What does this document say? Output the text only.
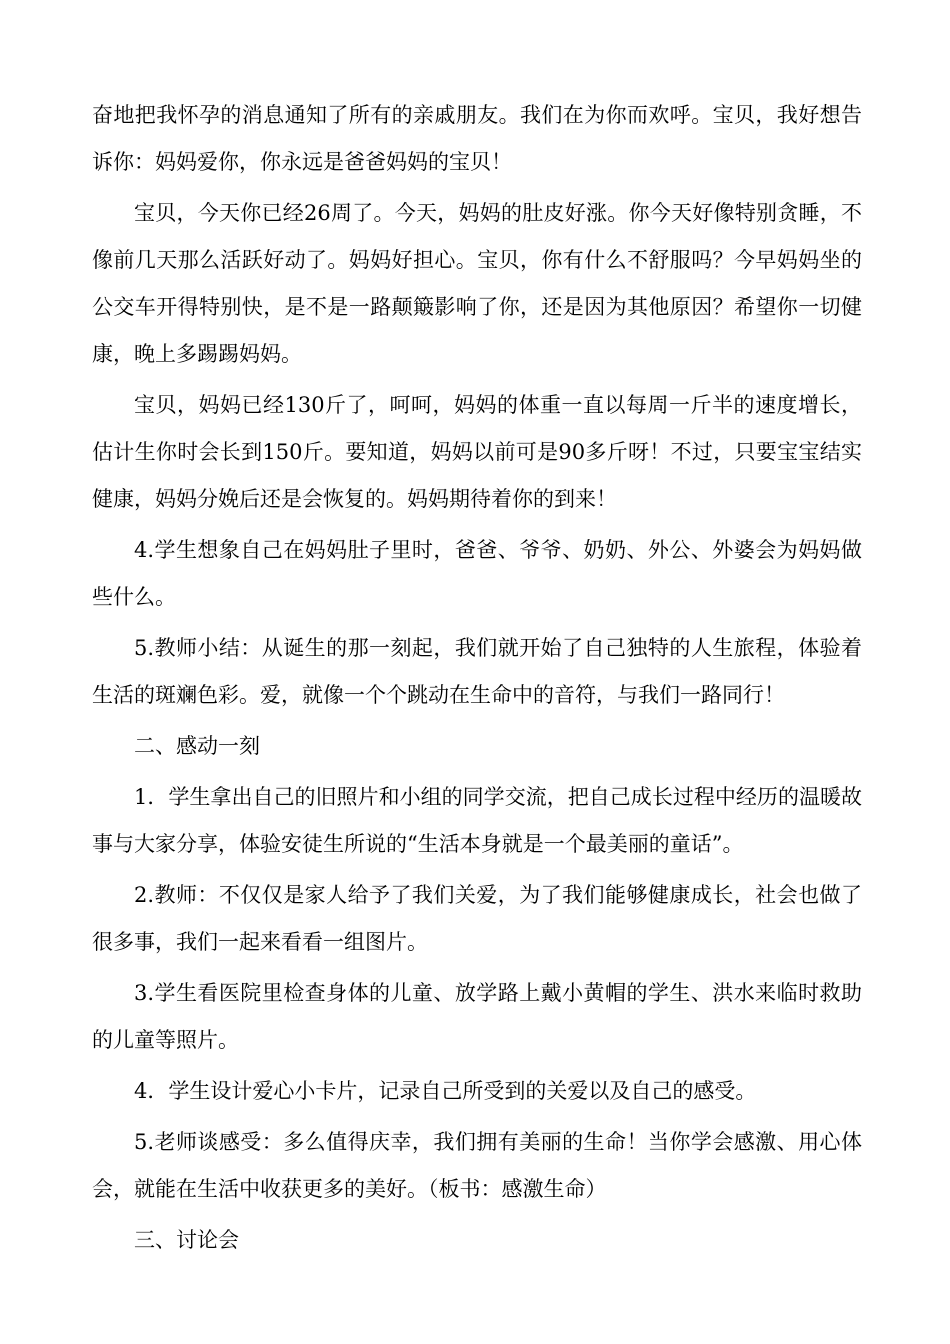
奋地把我怀孕的消息通知了所有的亲戚朋友。我们在为你而欢呼。宝贝，我好想告诉你：妈妈爱你，你永远是爸爸妈妈的宝贝！

宝贝，今天你已经26周了。今天，妈妈的肚皮好涨。你今天好像特别贪睡，不像前几天那么活跃好动了。妈妈好担心。宝贝，你有什么不舒服吗？今早妈妈坐的公交车开得特别快，是不是一路颠簸影响了你，还是因为其他原因？希望你一切健康，晚上多踢踢妈妈。

宝贝，妈妈已经130斤了，呵呵，妈妈的体重一直以每周一斤半的速度增长，估计生你时会长到150斤。要知道，妈妈以前可是90多斤呀！不过，只要宝宝结实健康，妈妈分娩后还是会恢复的。妈妈期待着你的到来！

4.学生想象自己在妈妈肚子里时，爸爸、爷爷、奶奶、外公、外婆会为妈妈做些什么。

5.教师小结：从诞生的那一刻起，我们就开始了自己独特的人生旅程，体验着生活的斑斓色彩。爱，就像一个个跳动在生命中的音符，与我们一路同行！

二、感动一刻

1．学生拿出自己的旧照片和小组的同学交流，把自己成长过程中经历的温暖故事与大家分享，体验安徒生所说的“生活本身就是一个最美丽的童话”。

2.教师：不仅仅是家人给予了我们关爱，为了我们能够健康成长，社会也做了很多事，我们一起来看看一组图片。

3.学生看医院里检查身体的儿童、放学路上戴小黄帽的学生、洪水来临时救助的儿童等照片。

4．学生设计爱心小卡片，记录自己所受到的关爱以及自己的感受。

5.老师谈感受：多么值得庆幸，我们拥有美丽的生命！当你学会感激、用心体会，就能在生活中收获更多的美好。（板书：感激生命）

三、讨论会
